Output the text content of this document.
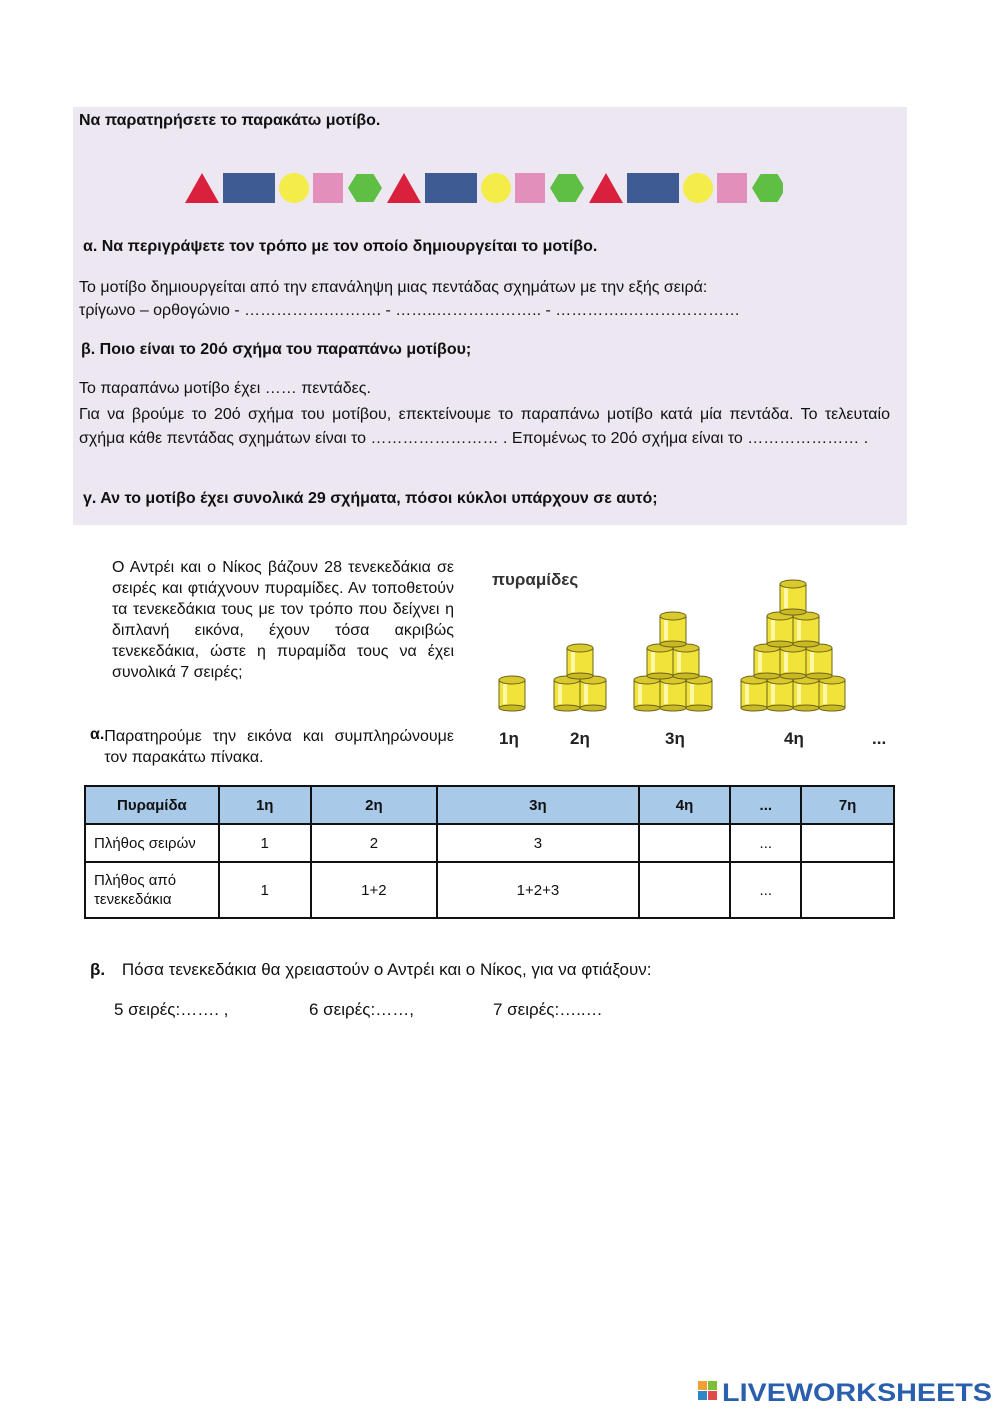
Να παρατηρήσετε το παρακάτω μοτίβο.
α. Να περιγράψετε τον τρόπο με τον οποίο δημιουργείται το μοτίβο.
Το μοτίβο δημιουργείται από την επανάληψη μιας πεντάδας σχημάτων με την εξής σειρά:
τρίγωνο – ορθογώνιο - …………….………. - ……..……………….. - …………..…………………
β. Ποιο είναι το 20ό σχήμα του παραπάνω μοτίβου;
Το παραπάνω μοτίβο έχει …… πεντάδες.
Για να βρούμε το 20ό σχήμα του μοτίβου, επεκτείνουμε το παραπάνω μοτίβο κατά μία πεντάδα. Το τελευταίο σχήμα κάθε πεντάδας σχημάτων είναι το …………………… . Επομένως το 20ό σχήμα είναι το ………………… .
γ. Αν το μοτίβο έχει συνολικά 29 σχήματα, πόσοι κύκλοι υπάρχουν σε αυτό;
Ο Αντρέι και ο Νίκος βάζουν 28 τενεκεδάκια σε σειρές και φτιάχνουν πυραμίδες. Αν τοποθετούν τα τενεκεδάκια τους με τον τρόπο που δείχνει η διπλανή εικόνα, έχουν τόσα ακριβώς τενεκεδάκια, ώστε η πυραμίδα τους να έχει συνολικά 7 σειρές;
πυραμίδες
1η	2η	3η	4η	...
α. Παρατηρούμε την εικόνα και συμπληρώνουμε τον παρακάτω πίνακα.
Πυραμίδα	1η	2η	3η	4η	...	7η
Πλήθος σειρών	1	2	3		...	
Πλήθος από τενεκεδάκια	1	1+2	1+2+3		...	
β. Πόσα τενεκεδάκια θα χρειαστούν ο Αντρέι και ο Νίκος, για να φτιάξουν:
5 σειρές:……. ,	6 σειρές:……,	7 σειρές:…..…
LIVEWORKSHEETS
